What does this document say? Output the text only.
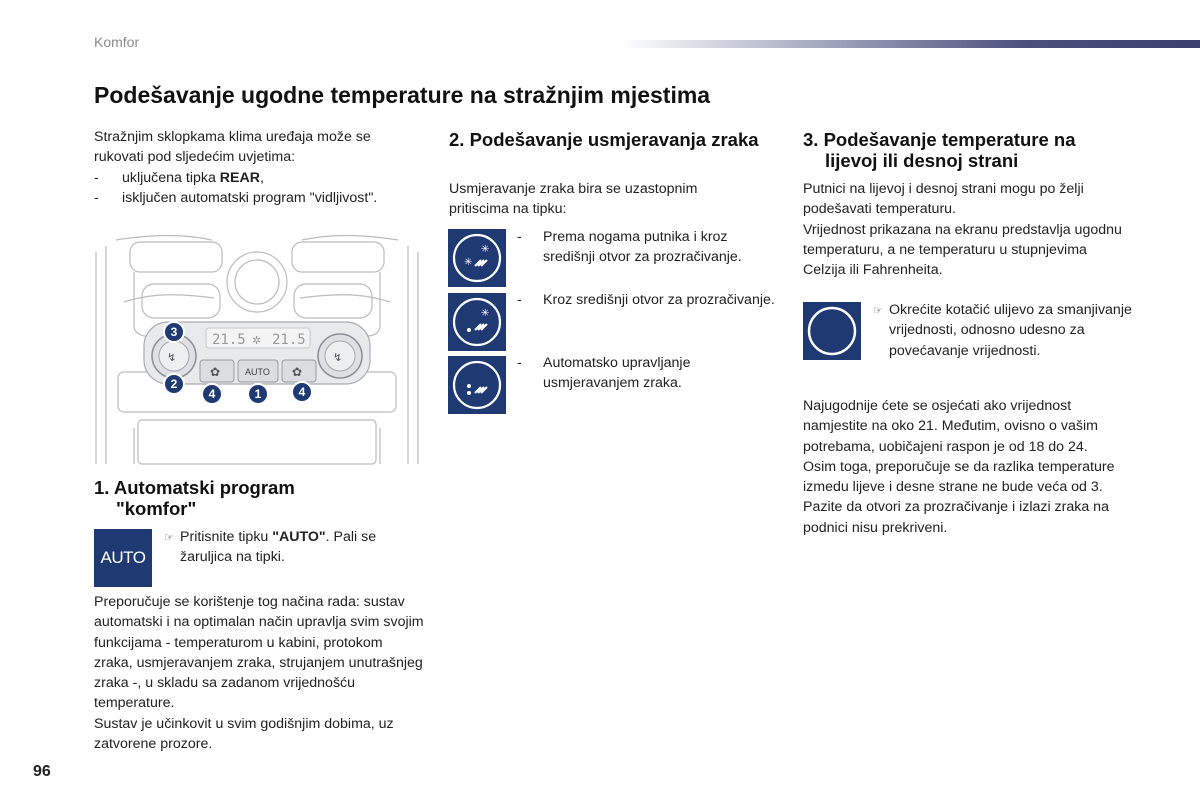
Komfor
Podešavanje ugodne temperature na stražnjim mjestima

Stražnjim sklopkama klima uređaja može se rukovati pod sljedećim uvjetima:

-	uključena tipka REAR,
-	isključen automatski program "vidljivost".
21.5 21.5
✲
✿	AUTO ✿
↯	↯
3
2
4	1	4
1. Automatski program
"komfor"
AUTO
☞ Pritisnite tipku "AUTO". Pali se žaruljica na tipki.

Preporučuje se korištenje tog načina rada: sustav automatski i na optimalan način upravlja svim svojim funkcijama - temperaturom u kabini, protokom zraka, usmjeravanjem zraka, strujanjem unutrašnjeg zraka -, u skladu sa zadanom vrijednošću temperature.

Sustav je učinkovit u svim godišnjim dobima, uz zatvorene prozore.

2. Podešavanje usmjeravanja zraka
Usmjeravanje zraka bira se uzastopnim pritiscima na tipku:
✳
✳
-	Prema nogama putnika i kroz središnji otvor za prozračivanje.
✳
-	Kroz središnji otvor za prozračivanje.
-	Automatsko upravljanje usmjeravanjem zraka.
3. Podešavanje temperature na
lijevoj ili desnoj strani

Putnici na lijevoj i desnoj strani mogu po želji podešavati temperaturu.

Vrijednost prikazana na ekranu predstavlja ugodnu temperaturu, a ne temperaturu u stupnjevima Celzija ili Fahrenheita.

☞ Okrećite kotačić ulijevo za smanjivanje vrijednosti, odnosno udesno za povećavanje vrijednosti.

Najugodnije ćete se osjećati ako vrijednost namjestite na oko 21. Međutim, ovisno o vašim potrebama, uobičajeni raspon je od 18 do 24.

Osim toga, preporučuje se da razlika temperature izmedu lijeve i desne strane ne bude veća od 3.

Pazite da otvori za prozračivanje i izlazi zraka na podnici nisu prekriveni.

96
